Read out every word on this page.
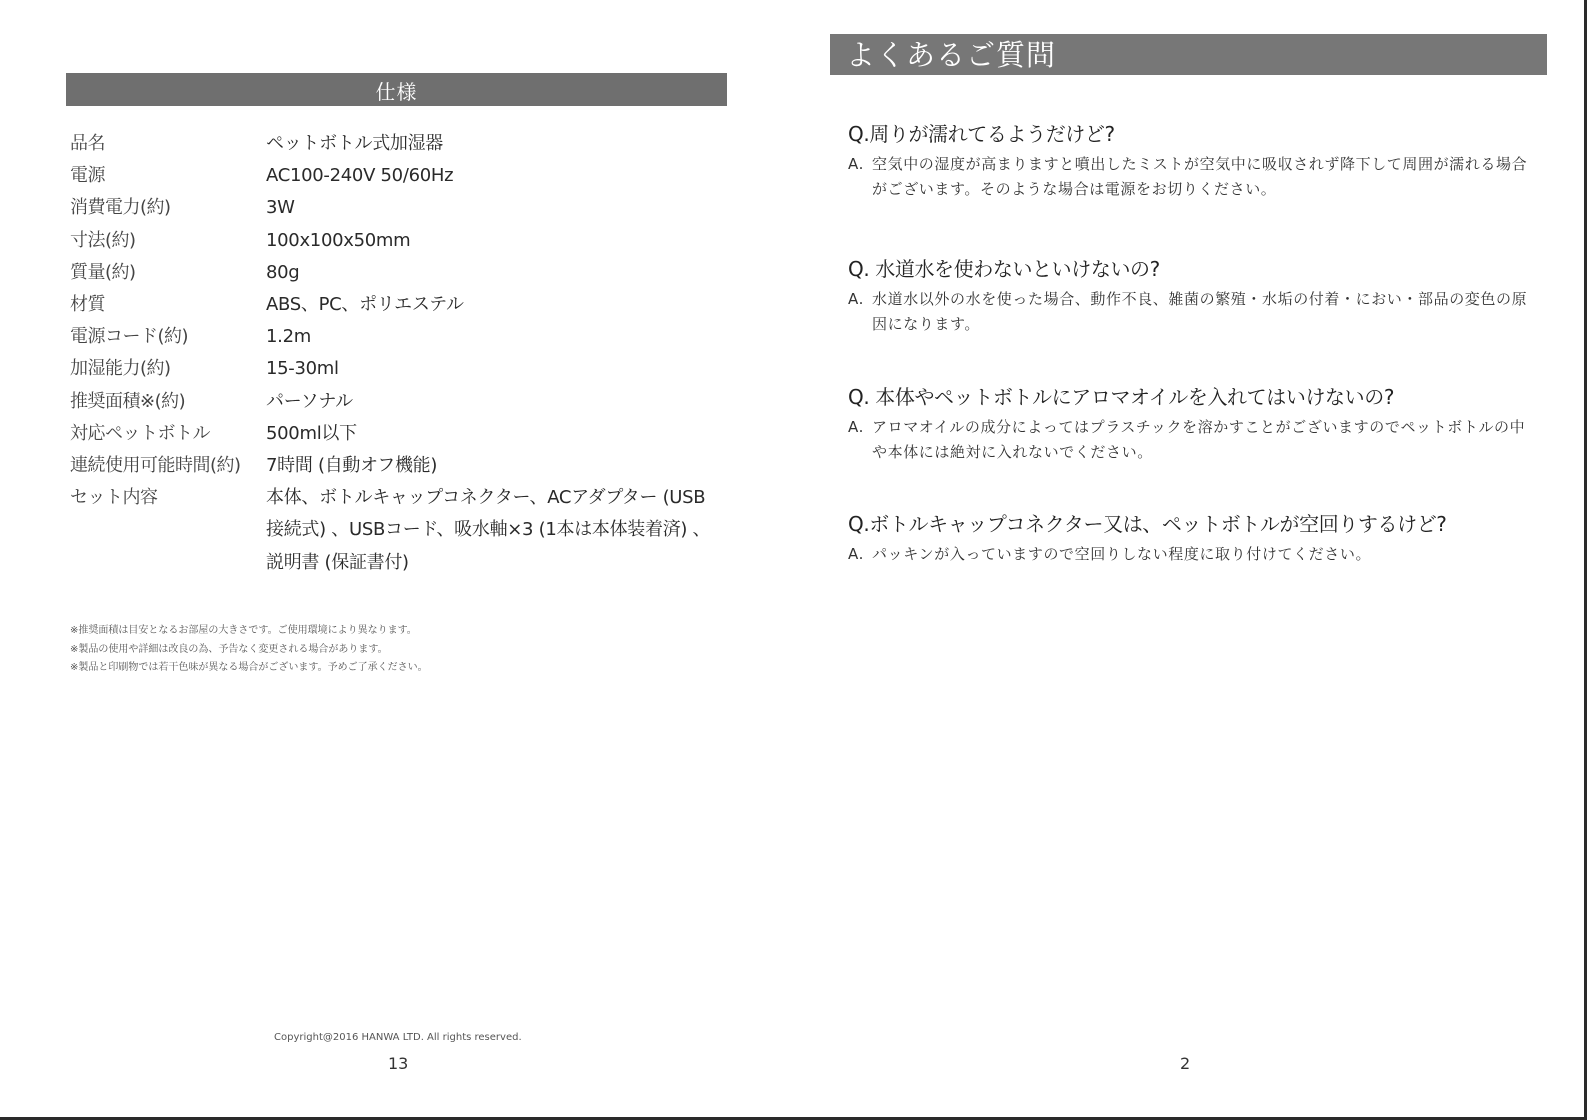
仕様
品名	ペットボトル式加湿器
電源	AC100-240V 50/60Hz
消費電力(約)	3W
寸法(約)	100x100x50mm
質量(約)	80g
材質	ABS、PC、ポリエステル
電源コード(約)	1.2m
加湿能力(約)	15-30ml
推奨面積※(約)	パーソナル
対応ペットボトル	500ml以下
連続使用可能時間(約)	7時間 (自動オフ機能)
セット内容	本体、ボトルキャップコネクター、ACアダプター (USB接続式) 、USBコード、吸水軸×3 (1本は本体装着済) 、説明書 (保証書付)
※推奨面積は目安となるお部屋の大きさです。ご使用環境により異なります。
※製品の使用や詳細は改良の為、予告なく変更される場合があります。
※製品と印刷物では若干色味が異なる場合がございます。予めご了承ください。
Copyright@2016 HANWA LTD. All rights reserved.
13
よくあるご質問
Q.周りが濡れてるようだけど?
A. 空気中の湿度が高まりますと噴出したミストが空気中に吸収されず降下して周囲が濡れる場合がございます。そのような場合は電源をお切りください。
Q. 水道水を使わないといけないの?
A. 水道水以外の水を使った場合、動作不良、雑菌の繁殖・水垢の付着・におい・部品の変色の原因になります。
Q. 本体やペットボトルにアロマオイルを入れてはいけないの?
A. アロマオイルの成分によってはプラスチックを溶かすことがございますのでペットボトルの中や本体には絶対に入れないでください。
Q.ボトルキャップコネクター又は、ペットボトルが空回りするけど?
A. パッキンが入っていますので空回りしない程度に取り付けてください。
2
